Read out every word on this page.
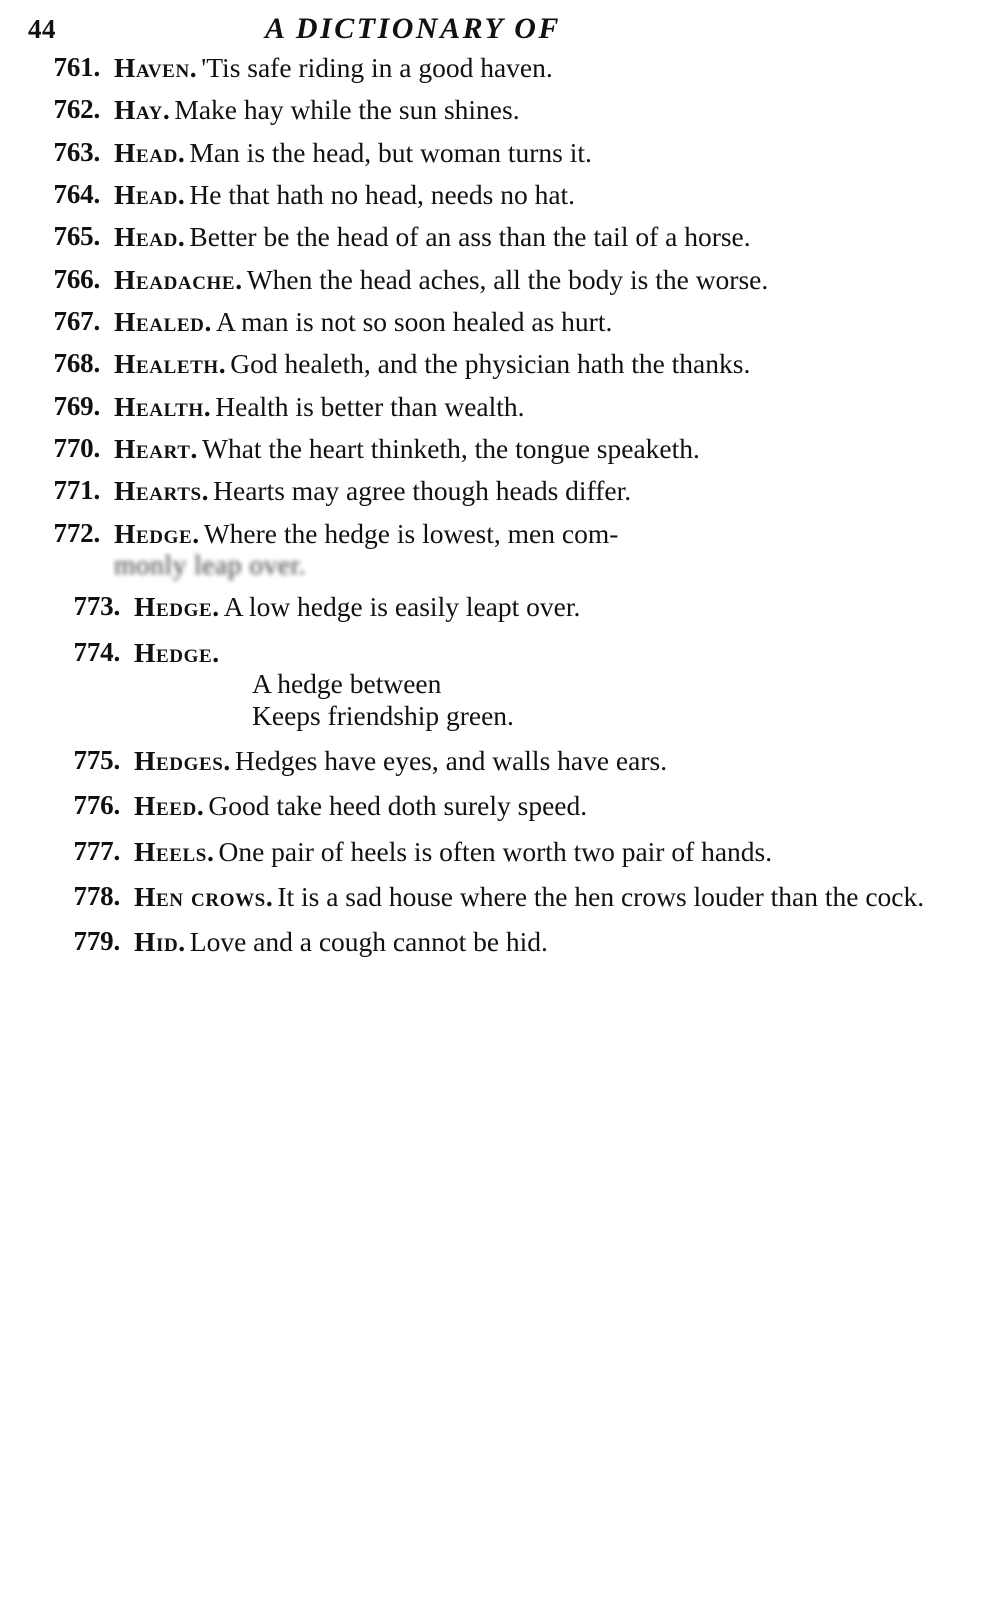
44	A DICTIONARY OF
761. Haven. 'Tis safe riding in a good haven.
762. Hay. Make hay while the sun shines.
763. Head. Man is the head, but woman turns it.
764. Head. He that hath no head, needs no hat.
765. Head. Better be the head of an ass than the tail of a horse.
766. Headache. When the head aches, all the body is the worse.
767. Healed. A man is not so soon healed as hurt.
768. Healeth. God healeth, and the physician hath the thanks.
769. Health. Health is better than wealth.
770. Heart. What the heart thinketh, the tongue speaketh.
771. Hearts. Hearts may agree though heads differ.
772. Hedge. Where the hedge is lowest, men com-
monly leap over.
773. Hedge. A low hedge is easily leapt over.
774. Hedge.
A hedge between
Keeps friendship green.
775. Hedges. Hedges have eyes, and walls have ears.
776. Heed. Good take heed doth surely speed.
777. Heels. One pair of heels is often worth two pair of hands.
778. Hen crows. It is a sad house where the hen crows louder than the cock.
779. Hid. Love and a cough cannot be hid.
